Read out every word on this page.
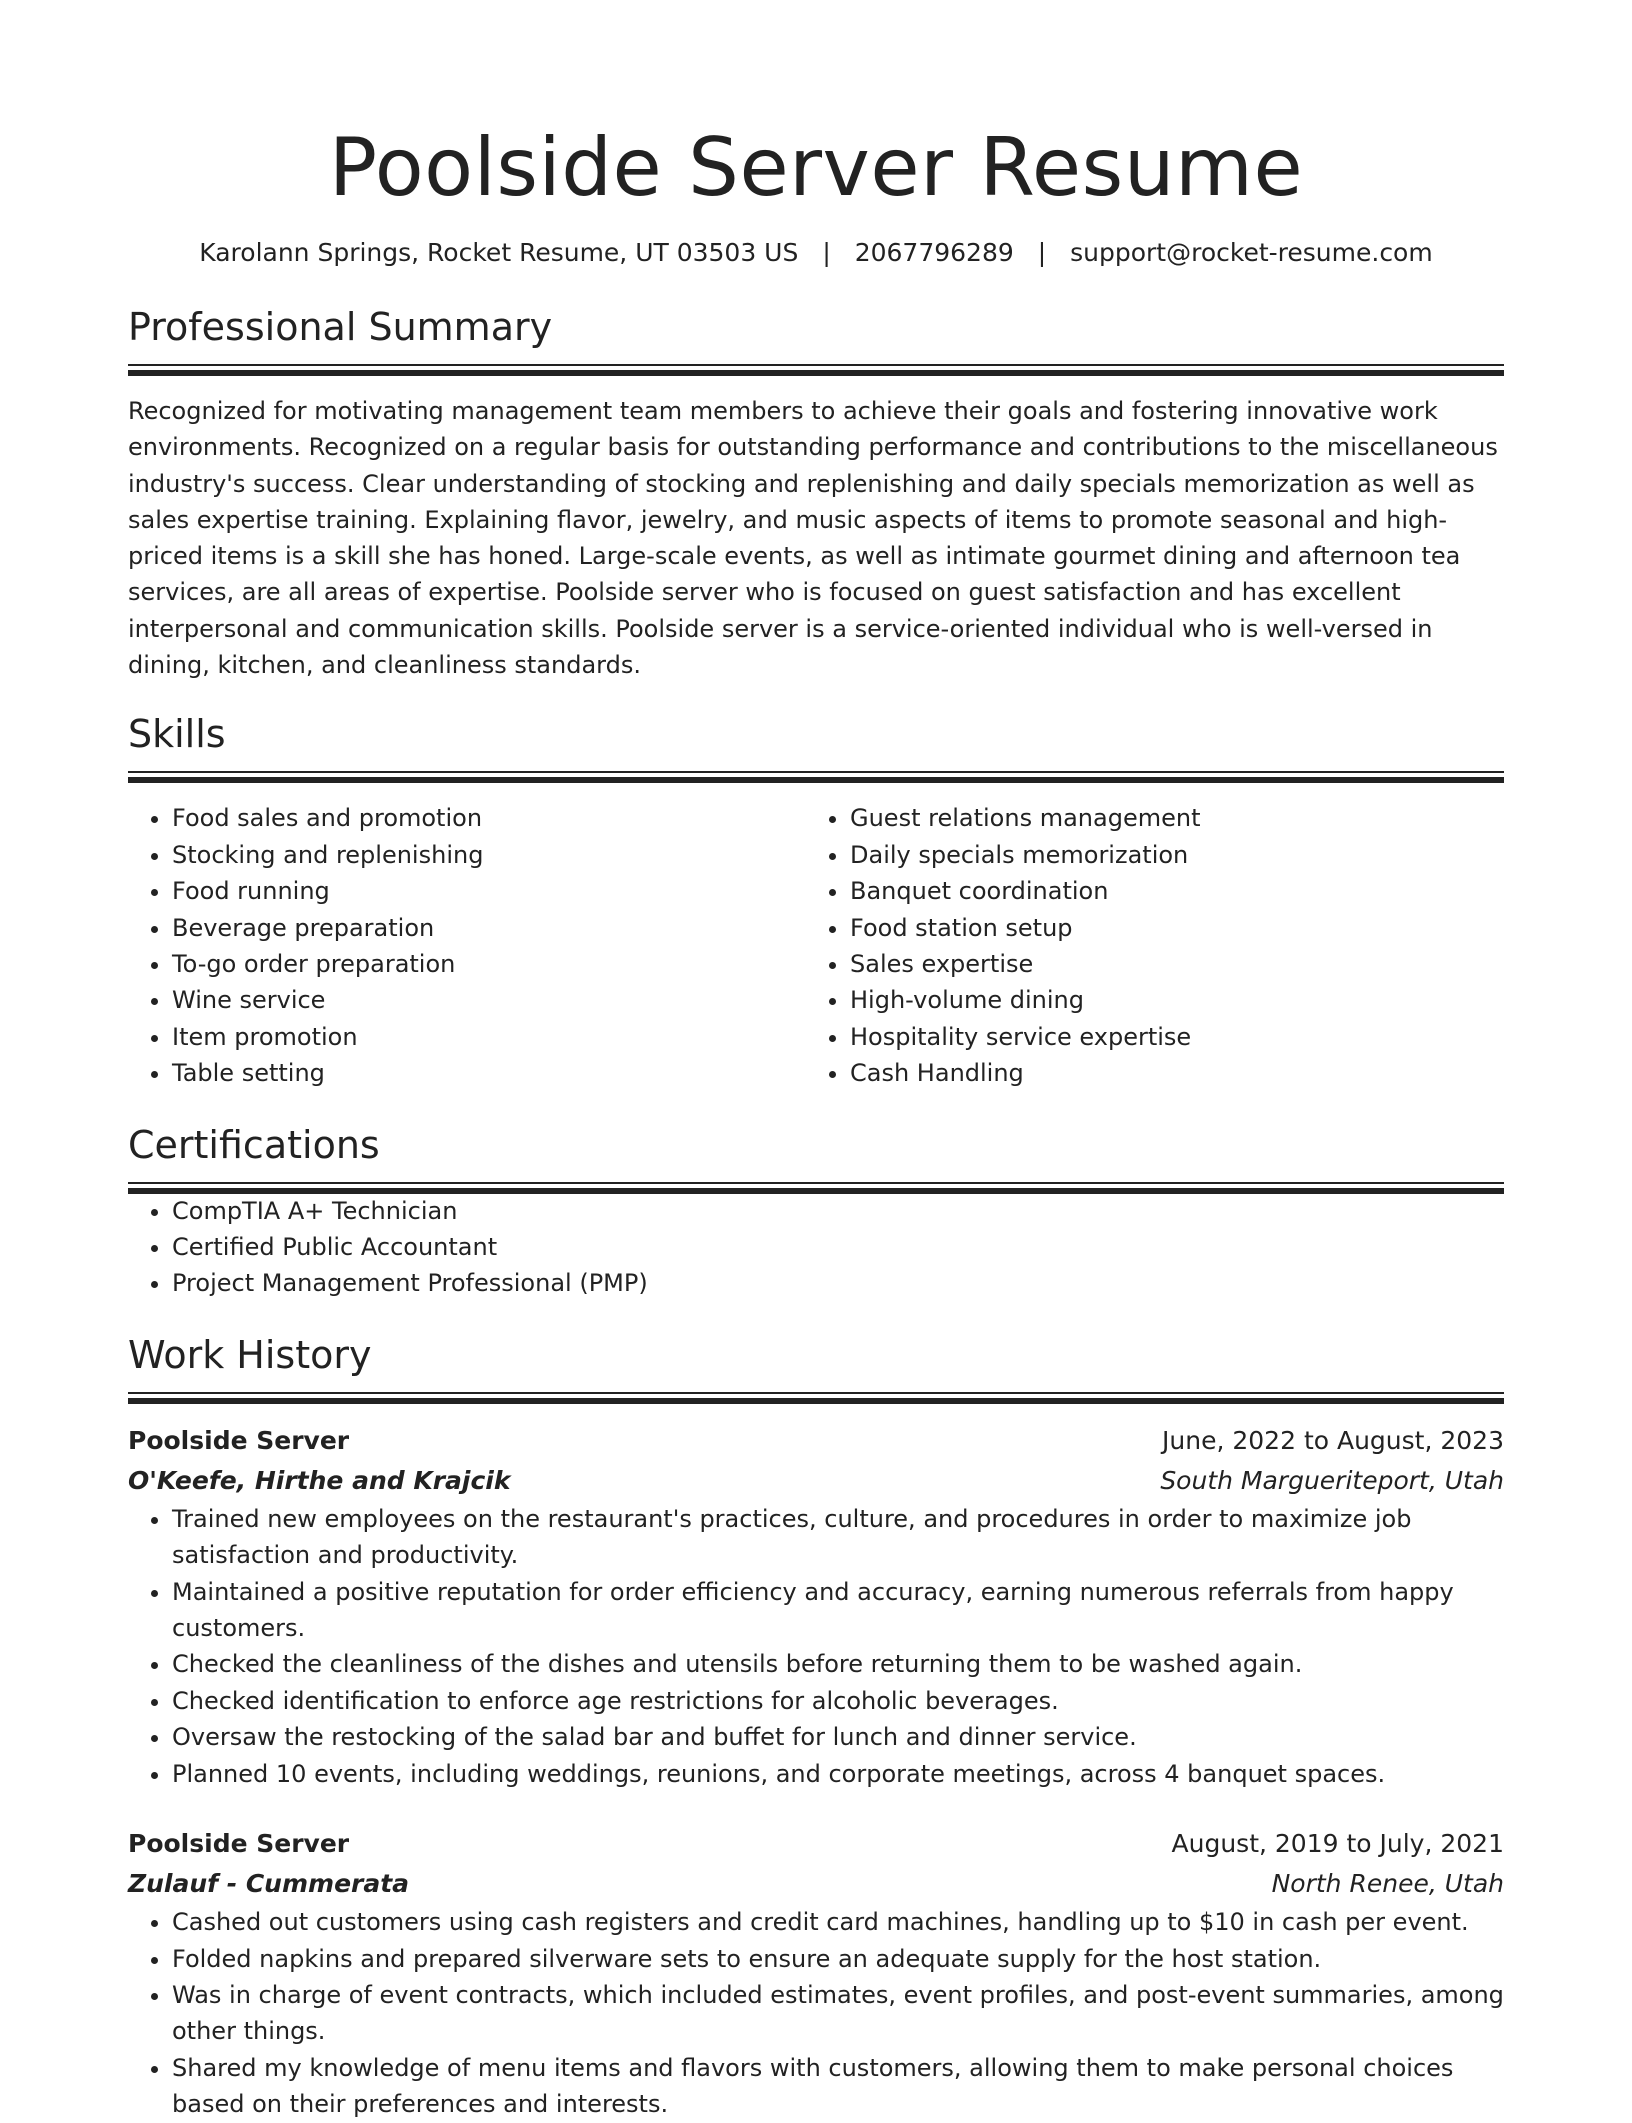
Poolside Server Resume
Karolann Springs, Rocket Resume, UT 03503 US | 2067796289 | support@rocket-resume.com
Professional Summary
Recognized for motivating management team members to achieve their goals and fostering innovative work environments. Recognized on a regular basis for outstanding performance and contributions to the miscellaneous industry's success. Clear understanding of stocking and replenishing and daily specials memorization as well as sales expertise training. Explaining flavor, jewelry, and music aspects of items to promote seasonal and high-priced items is a skill she has honed. Large-scale events, as well as intimate gourmet dining and afternoon tea services, are all areas of expertise. Poolside server who is focused on guest satisfaction and has excellent interpersonal and communication skills. Poolside server is a service-oriented individual who is well-versed in dining, kitchen, and cleanliness standards.
Skills
• Food sales and promotion
• Stocking and replenishing
• Food running
• Beverage preparation
• To-go order preparation
• Wine service
• Item promotion
• Table setting
• Guest relations management
• Daily specials memorization
• Banquet coordination
• Food station setup
• Sales expertise
• High-volume dining
• Hospitality service expertise
• Cash Handling
Certifications
• CompTIA A+ Technician
• Certified Public Accountant
• Project Management Professional (PMP)
Work History
Poolside Server	June, 2022 to August, 2023
O'Keefe, Hirthe and Krajcik	South Margueriteport, Utah
• Trained new employees on the restaurant's practices, culture, and procedures in order to maximize job satisfaction and productivity.
• Maintained a positive reputation for order efficiency and accuracy, earning numerous referrals from happy customers.
• Checked the cleanliness of the dishes and utensils before returning them to be washed again.
• Checked identification to enforce age restrictions for alcoholic beverages.
• Oversaw the restocking of the salad bar and buffet for lunch and dinner service.
• Planned 10 events, including weddings, reunions, and corporate meetings, across 4 banquet spaces.
Poolside Server	August, 2019 to July, 2021
Zulauf - Cummerata	North Renee, Utah
• Cashed out customers using cash registers and credit card machines, handling up to $10 in cash per event.
• Folded napkins and prepared silverware sets to ensure an adequate supply for the host station.
• Was in charge of event contracts, which included estimates, event profiles, and post-event summaries, among other things.
• Shared my knowledge of menu items and flavors with customers, allowing them to make personal choices based on their preferences and interests.
